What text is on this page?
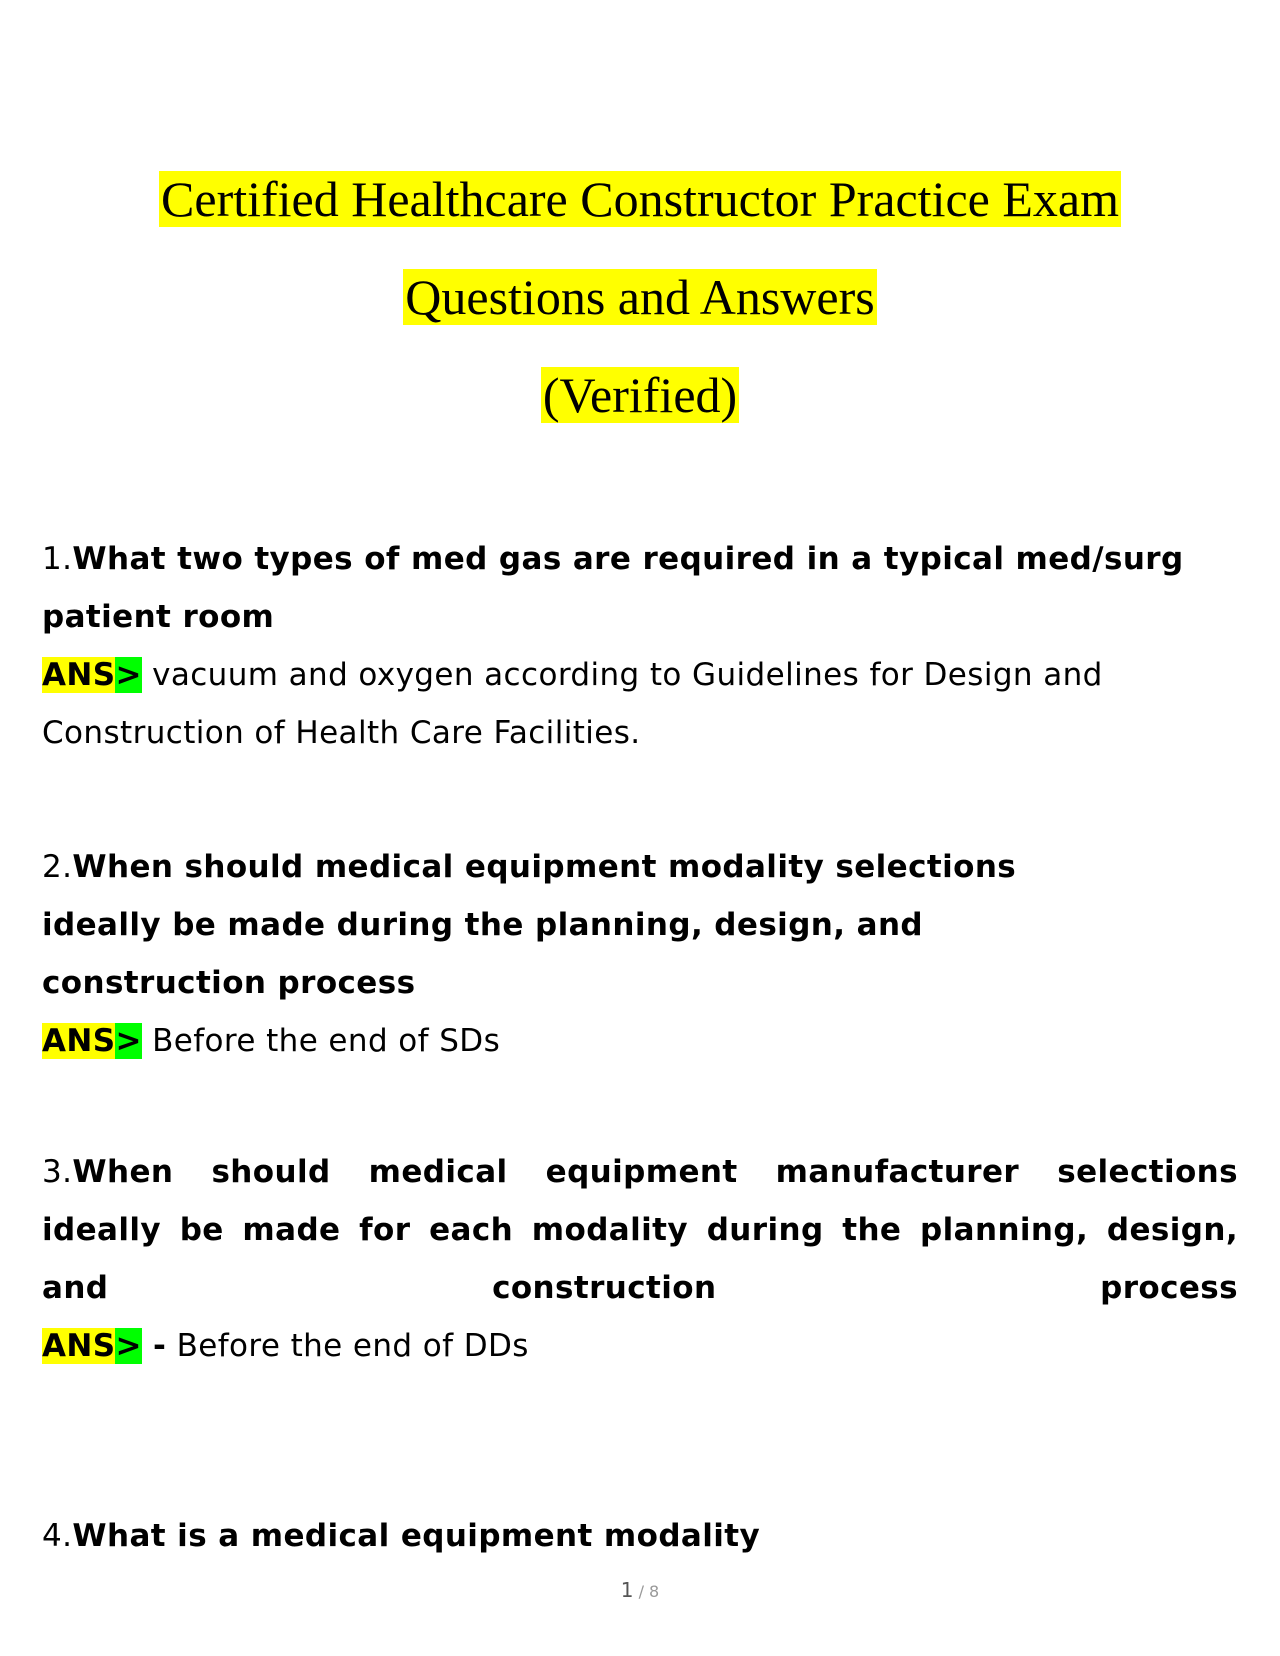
Certified Healthcare Constructor Practice Exam
Questions and Answers
(Verified)
1.What two types of med gas are required in a typical med/surg patient room
ANS> vacuum and oxygen according to Guidelines for Design and Construction of Health Care Facilities.
2.When should medical equipment modality selections ideally be made during the planning, design, and construction process
ANS> Before the end of SDs
3.When should medical equipment manufacturer selections
ideally be made for each modality during the planning, design,
and construction process
ANS> - Before the end of DDs
4.What is a medical equipment modality
1 / 8
